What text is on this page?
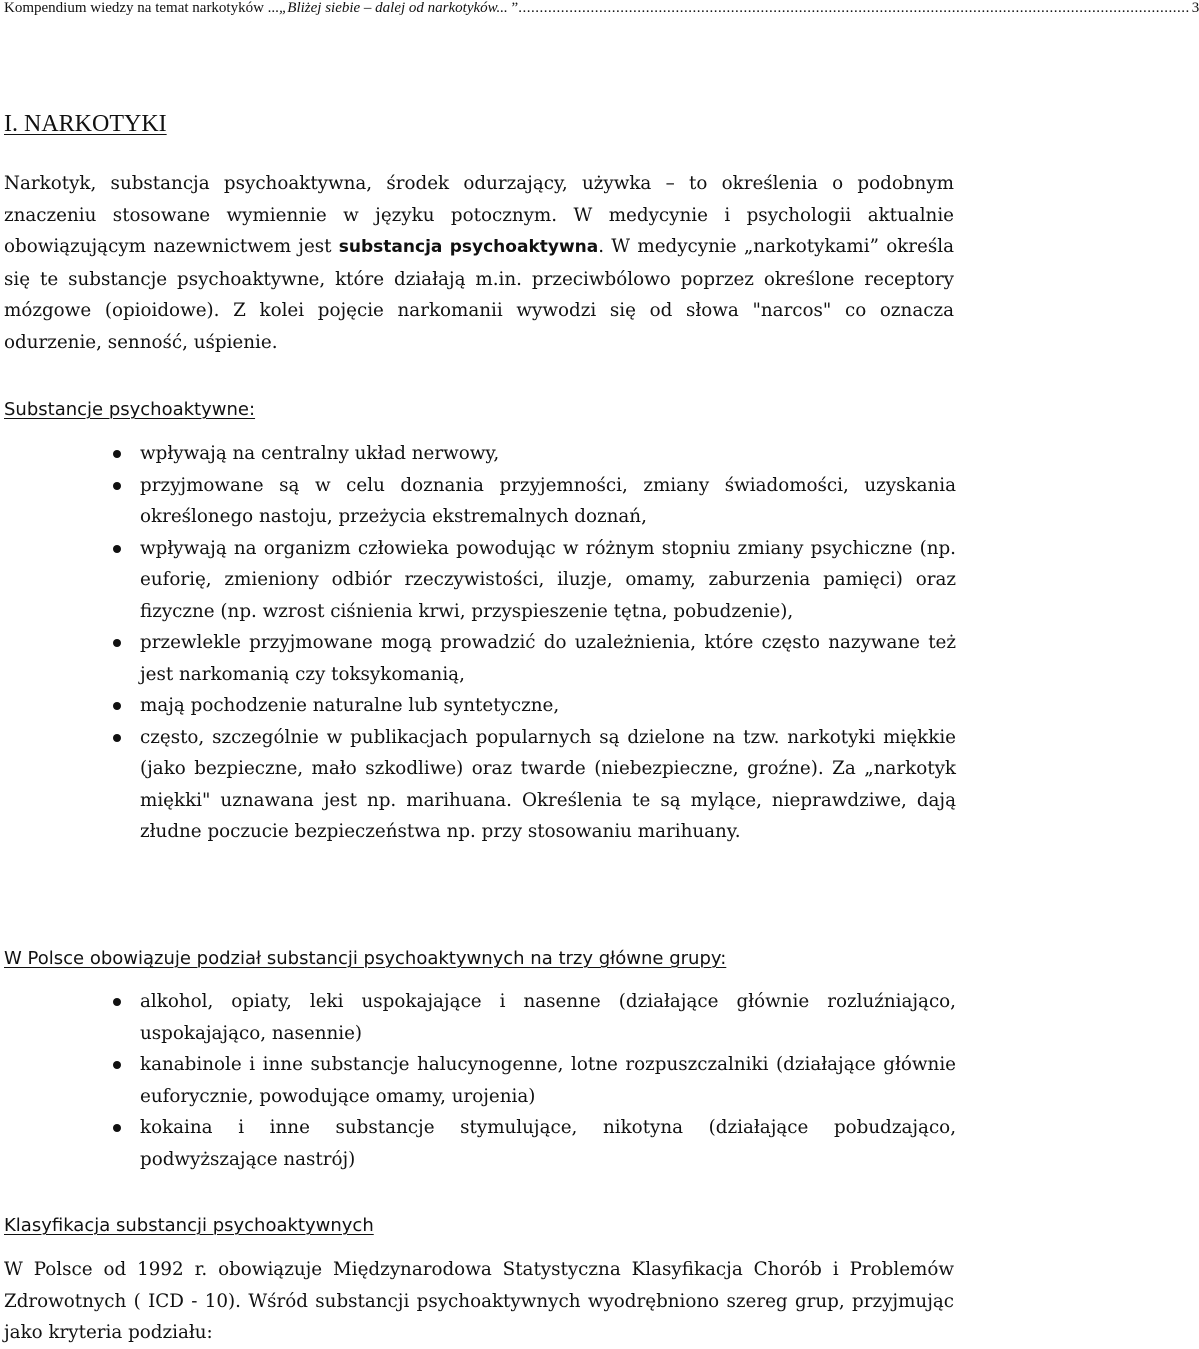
Kompendium wiedzy na temat narkotyków ...„Bliżej siebie – dalej od narkotyków... ” .............................................................................................................................................................. 3
I. NARKOTYKI

Narkotyk, substancja psychoaktywna, środek odurzający, używka – to określenia o podobnym znaczeniu stosowane wymiennie w języku potocznym. W medycynie i psychologii aktualnie obowiązującym nazewnictwem jest substancja psychoaktywna. W medycynie „narkotykami” określa się te substancje psychoaktywne, które działają m.in. przeciwbólowo poprzez określone receptory mózgowe (opioidowe). Z kolei pojęcie narkomanii wywodzi się od słowa "narcos" co oznacza odurzenie, senność, uśpienie.

Substancje psychoaktywne:
wpływają na centralny układ nerwowy,
przyjmowane są w celu doznania przyjemności, zmiany świadomości, uzyskania określonego nastoju, przeżycia ekstremalnych doznań,
wpływają na organizm człowieka powodując w różnym stopniu zmiany psychiczne (np. euforię, zmieniony odbiór rzeczywistości, iluzje, omamy, zaburzenia pamięci) oraz fizyczne (np. wzrost ciśnienia krwi, przyspieszenie tętna, pobudzenie),
przewlekle przyjmowane mogą prowadzić do uzależnienia, które często nazywane też jest narkomanią czy toksykomanią,
mają pochodzenie naturalne lub syntetyczne,
często, szczególnie w publikacjach popularnych są dzielone na tzw. narkotyki miękkie (jako bezpieczne, mało szkodliwe) oraz twarde (niebezpieczne, groźne). Za „narkotyk miękki" uznawana jest np. marihuana. Określenia te są mylące, nieprawdziwe, dają złudne poczucie bezpieczeństwa np. przy stosowaniu marihuany.
W Polsce obowiązuje podział substancji psychoaktywnych na trzy główne grupy:
alkohol, opiaty, leki uspokajające i nasenne (działające głównie rozluźniająco, uspokajająco, nasennie)
kanabinole i inne substancje halucynogenne, lotne rozpuszczalniki (działające głównie euforycznie, powodujące omamy, urojenia)
kokaina i inne substancje stymulujące, nikotyna (działające pobudzająco, podwyższające nastrój)
Klasyfikacja substancji psychoaktywnych

W Polsce od 1992 r. obowiązuje Międzynarodowa Statystyczna Klasyfikacja Chorób i Problemów Zdrowotnych ( ICD - 10). Wśród substancji psychoaktywnych wyodrębniono szereg grup, przyjmując jako kryteria podziału:
